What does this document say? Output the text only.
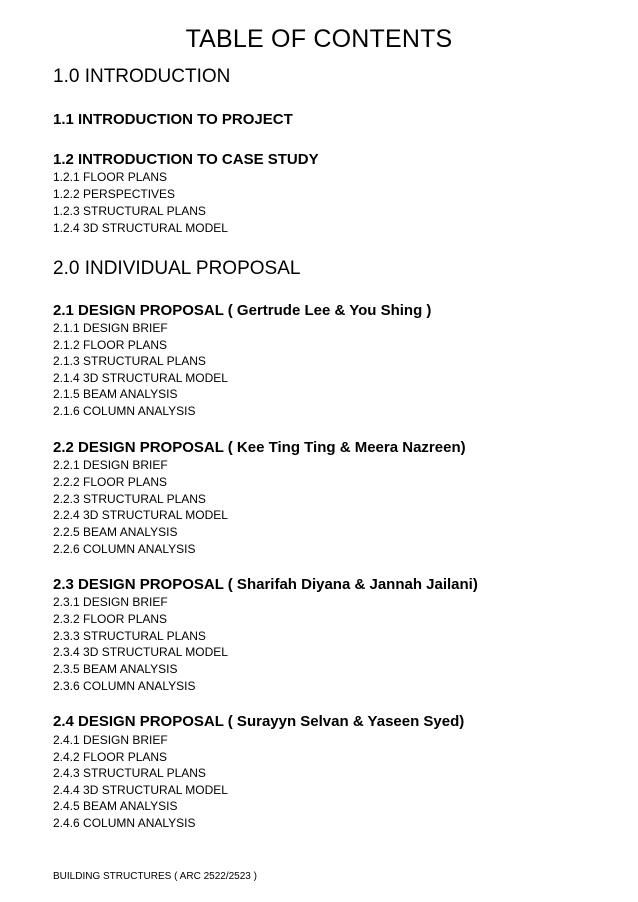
TABLE OF CONTENTS
1.0 INTRODUCTION
1.1 INTRODUCTION TO PROJECT
1.2 INTRODUCTION TO CASE STUDY
1.2.1 FLOOR PLANS
1.2.2 PERSPECTIVES
1.2.3 STRUCTURAL PLANS
1.2.4 3D STRUCTURAL MODEL
2.0 INDIVIDUAL PROPOSAL
2.1 DESIGN PROPOSAL ( Gertrude Lee & You Shing )
2.1.1 DESIGN BRIEF
2.1.2 FLOOR PLANS
2.1.3 STRUCTURAL PLANS
2.1.4 3D STRUCTURAL MODEL
2.1.5 BEAM ANALYSIS
2.1.6 COLUMN ANALYSIS
2.2 DESIGN PROPOSAL ( Kee Ting Ting & Meera Nazreen)
2.2.1 DESIGN BRIEF
2.2.2 FLOOR PLANS
2.2.3 STRUCTURAL PLANS
2.2.4 3D STRUCTURAL MODEL
2.2.5 BEAM ANALYSIS
2.2.6 COLUMN ANALYSIS
2.3 DESIGN PROPOSAL ( Sharifah Diyana & Jannah Jailani)
2.3.1 DESIGN BRIEF
2.3.2 FLOOR PLANS
2.3.3 STRUCTURAL PLANS
2.3.4 3D STRUCTURAL MODEL
2.3.5 BEAM ANALYSIS
2.3.6 COLUMN ANALYSIS
2.4 DESIGN PROPOSAL ( Surayyn Selvan & Yaseen Syed)
2.4.1 DESIGN BRIEF
2.4.2 FLOOR PLANS
2.4.3 STRUCTURAL PLANS
2.4.4 3D STRUCTURAL MODEL
2.4.5 BEAM ANALYSIS
2.4.6 COLUMN ANALYSIS
BUILDING STRUCTURES ( ARC 2522/2523 )
